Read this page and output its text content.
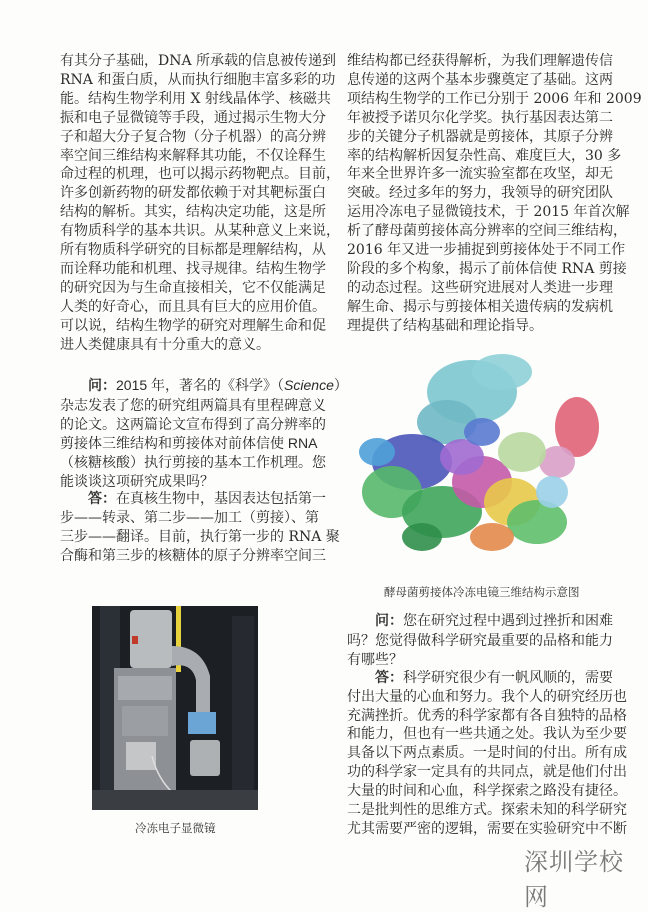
有其分子基础，DNA 所承载的信息被传递到
RNA 和蛋白质，从而执行细胞丰富多彩的功
能。结构生物学利用 X 射线晶体学、核磁共
振和电子显微镜等手段，通过揭示生物大分
子和超大分子复合物（分子机器）的高分辨
率空间三维结构来解释其功能，不仅诠释生
命过程的机理，也可以揭示药物靶点。目前，
许多创新药物的研发都依赖于对其靶标蛋白
结构的解析。其实，结构决定功能，这是所
有物质科学的基本共识。从某种意义上来说，
所有物质科学研究的目标都是理解结构，从
而诠释功能和机理、找寻规律。结构生物学
的研究因为与生命直接相关，它不仅能满足
人类的好奇心，而且具有巨大的应用价值。
可以说，结构生物学的研究对理解生命和促
进人类健康具有十分重大的意义。
问：2015 年，著名的《科学》（Science）
杂志发表了您的研究组两篇具有里程碑意义
的论文。这两篇论文宣布得到了高分辨率的
剪接体三维结构和剪接体对前体信使 RNA
（核糖核酸）执行剪接的基本工作机理。您
能谈谈这项研究成果吗？
答：在真核生物中，基因表达包括第一
步——转录、第二步——加工（剪接）、第
三步——翻译。目前，执行第一步的 RNA 聚
合酶和第三步的核糖体的原子分辨率空间三
冷冻电子显微镜
维结构都已经获得解析，为我们理解遗传信
息传递的这两个基本步骤奠定了基础。这两
项结构生物学的工作已分别于 2006 年和 2009
年被授予诺贝尔化学奖。执行基因表达第二
步的关键分子机器就是剪接体，其原子分辨
率的结构解析因复杂性高、难度巨大，30 多
年来全世界许多一流实验室都在攻坚，却无
突破。经过多年的努力，我领导的研究团队
运用冷冻电子显微镜技术，于 2015 年首次解
析了酵母菌剪接体高分辨率的空间三维结构，
2016 年又进一步捕捉到剪接体处于不同工作
阶段的多个构象，揭示了前体信使 RNA 剪接
的动态过程。这些研究进展对人类进一步理
解生命、揭示与剪接体相关遗传病的发病机
理提供了结构基础和理论指导。
酵母菌剪接体冷冻电镜三维结构示意图
问：您在研究过程中遇到过挫折和困难
吗？您觉得做科学研究最重要的品格和能力
有哪些？
答：科学研究很少有一帆风顺的，需要
付出大量的心血和努力。我个人的研究经历也
充满挫折。优秀的科学家都有各自独特的品格
和能力，但也有一些共通之处。我认为至少要
具备以下两点素质。一是时间的付出。所有成
功的科学家一定具有的共同点，就是他们付出
大量的时间和心血，科学探索之路没有捷径。
二是批判性的思维方式。探索未知的科学研究
尤其需要严密的逻辑，需要在实验研究中不断
深圳学校网
